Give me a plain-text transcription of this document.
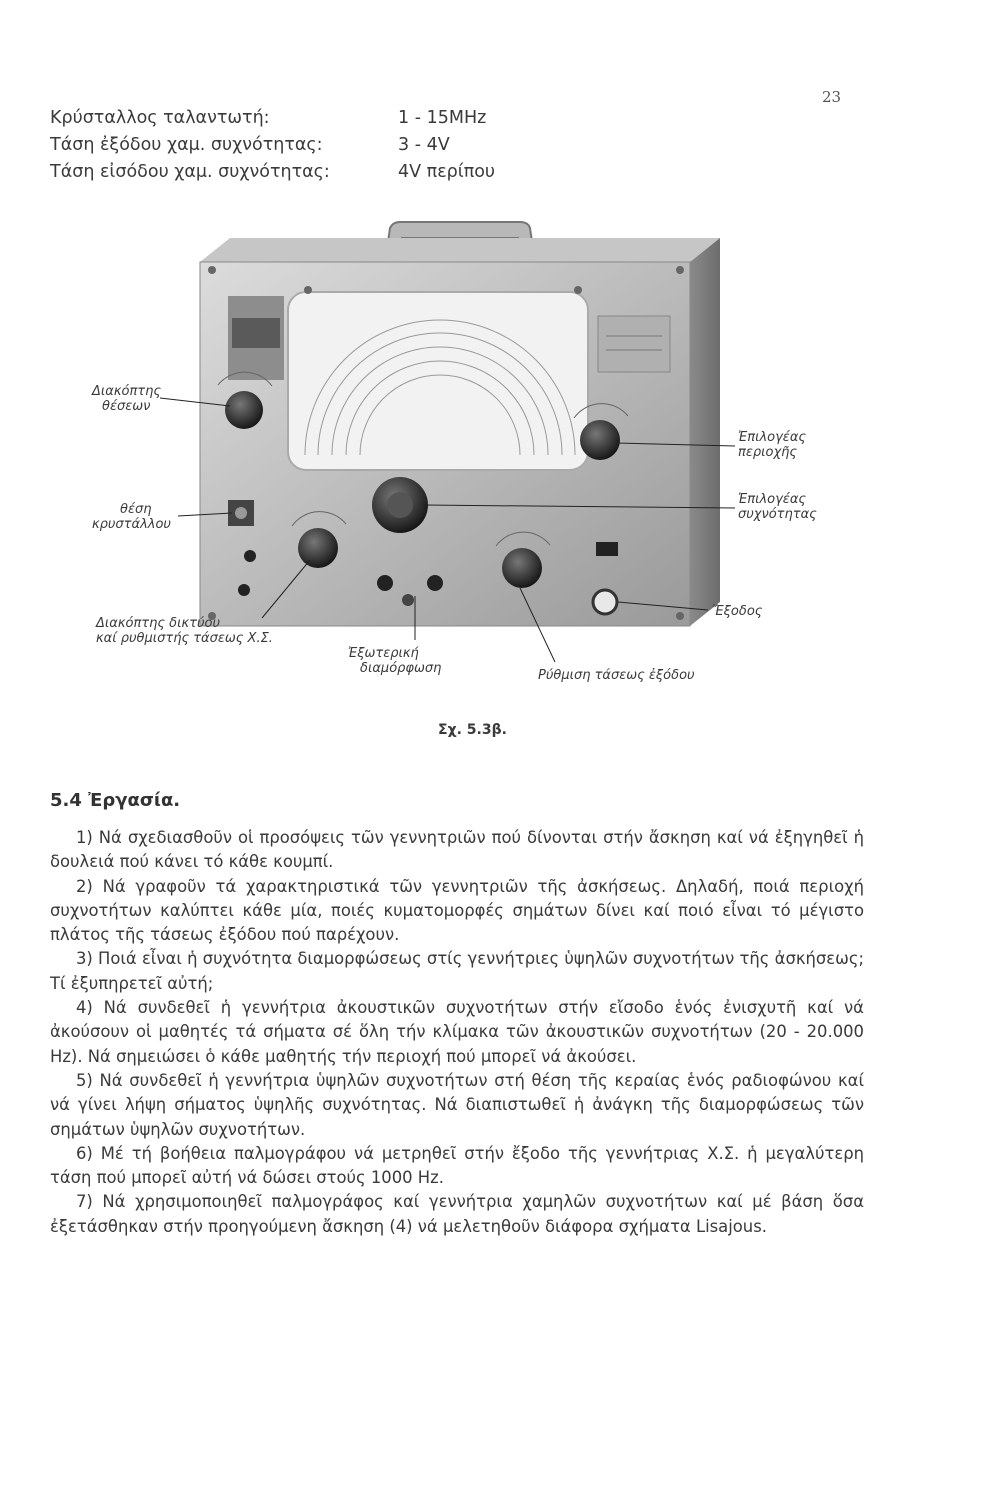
23
Κρύσταλλος ταλαντωτή:	1 - 15MHz
Τάση ἐξόδου χαμ. συχνότητας:	3 - 4V
Τάση εἰσόδου χαμ. συχνότητας:	4V περίπου
Διακόπτης
θέσεων
θέση
κρυστάλλου
Διακόπτης δικτύου
καί ρυθμιστής τάσεως Χ.Σ.
Ἐξωτερική
διαμόρφωση	Ρύθμιση τάσεως ἐξόδου
Ἔξοδος
Ἐπιλογέας
περιοχῆς
Ἐπιλογέας
συχνότητας
Σχ. 5.3β.
5.4 Ἐργασία.

1) Νά σχεδιασθοῦν οἱ προσόψεις τῶν γεννητριῶν πού δίνονται στήν ἄσκηση καί νά ἐξηγηθεῖ ἡ δουλειά πού κάνει τό κάθε κουμπί.

2) Νά γραφοῦν τά χαρακτηριστικά τῶν γεννητριῶν τῆς ἀσκήσεως. Δηλαδή, ποιά περιοχή συχνοτήτων καλύπτει κάθε μία, ποιές κυματομορφές σημάτων δίνει καί ποιό εἶναι τό μέγιστο πλάτος τῆς τάσεως ἐξόδου πού παρέχουν.

3) Ποιά εἶναι ἡ συχνότητα διαμορφώσεως στίς γεννήτριες ὑψηλῶν συχνοτήτων τῆς ἀσκήσεως; Τί ἐξυπηρετεῖ αὐτή;

4) Νά συνδεθεῖ ἡ γεννήτρια ἀκουστικῶν συχνοτήτων στήν εἴσοδο ἑνός ἐνισχυτῆ καί νά ἀκούσουν οἱ μαθητές τά σήματα σέ ὅλη τήν κλίμακα τῶν ἀκουστικῶν συχνοτήτων (20 - 20.000 Hz). Νά σημειώσει ὁ κάθε μαθητής τήν περιοχή πού μπορεῖ νά ἀκούσει.

5) Νά συνδεθεῖ ἡ γεννήτρια ὑψηλῶν συχνοτήτων στή θέση τῆς κεραίας ἑνός ραδιοφώνου καί νά γίνει λήψη σήματος ὑψηλῆς συχνότητας. Νά διαπιστωθεῖ ἡ ἀνάγκη τῆς διαμορφώσεως τῶν σημάτων ὑψηλῶν συχνοτήτων.

6) Μέ τή βοήθεια παλμογράφου νά μετρηθεῖ στήν ἔξοδο τῆς γεννήτριας Χ.Σ. ἡ μεγαλύτερη τάση πού μπορεῖ αὐτή νά δώσει στούς 1000 Hz.

7) Νά χρησιμοποιηθεῖ παλμογράφος καί γεννήτρια χαμηλῶν συχνοτήτων καί μέ βάση ὅσα ἐξετάσθηκαν στήν προηγούμενη ἄσκηση (4) νά μελετηθοῦν διάφορα σχήματα Lisajous.
